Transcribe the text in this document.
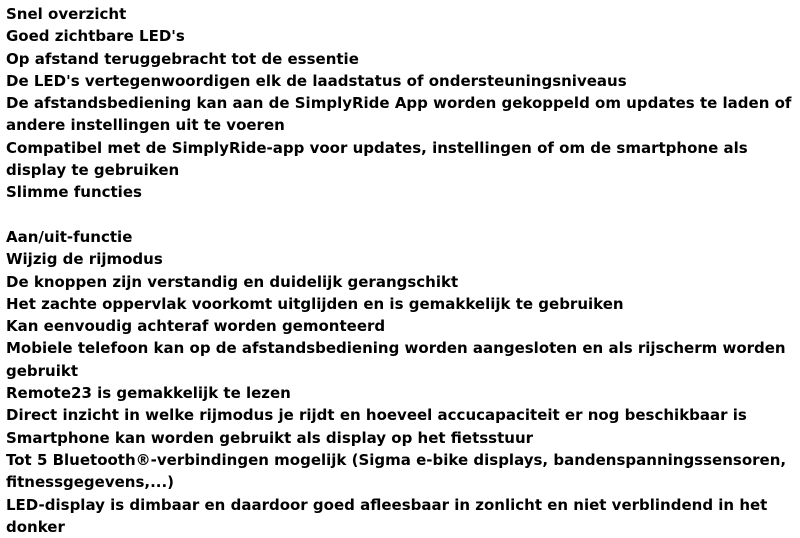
Snel overzicht
Goed zichtbare LED's
Op afstand teruggebracht tot de essentie
De LED's vertegenwoordigen elk de laadstatus of ondersteuningsniveaus
De afstandsbediening kan aan de SimplyRide App worden gekoppeld om updates te laden of andere instellingen uit te voeren
Compatibel met de SimplyRide-app voor updates, instellingen of om de smartphone als display te gebruiken
Slimme functies
Aan/uit-functie
Wijzig de rijmodus
De knoppen zijn verstandig en duidelijk gerangschikt
Het zachte oppervlak voorkomt uitglijden en is gemakkelijk te gebruiken
Kan eenvoudig achteraf worden gemonteerd
Mobiele telefoon kan op de afstandsbediening worden aangesloten en als rijscherm worden gebruikt
Remote23 is gemakkelijk te lezen
Direct inzicht in welke rijmodus je rijdt en hoeveel accucapaciteit er nog beschikbaar is
Smartphone kan worden gebruikt als display op het fietsstuur
Tot 5 Bluetooth®-verbindingen mogelijk (Sigma e-bike displays, bandenspanningssensoren, fitnessgegevens,...)
LED-display is dimbaar en daardoor goed afleesbaar in zonlicht en niet verblindend in het donker
